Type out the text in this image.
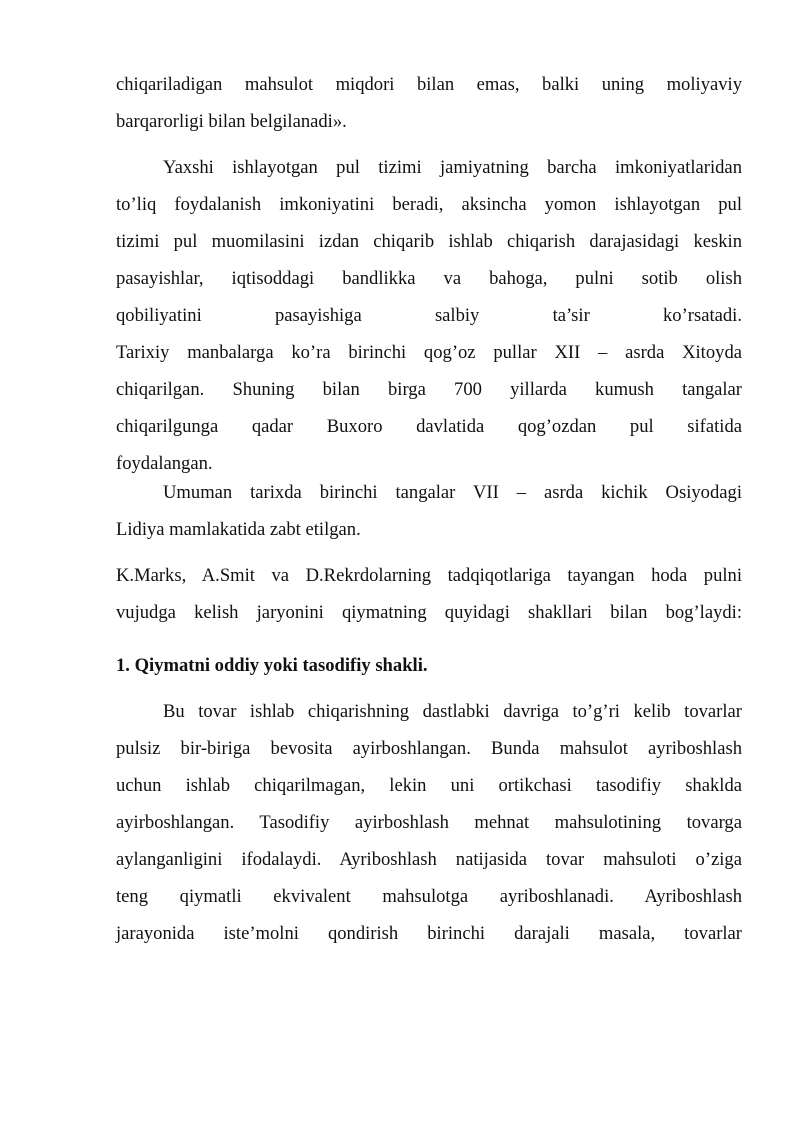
chiqariladigan mahsulot miqdori bilan emas, balki uning moliyaviy
barqarorligi bilan belgilanadi».
Yaxshi ishlayotgan pul tizimi jamiyatning barcha imkoniyatlaridan
to’liq foydalanish imkoniyatini beradi, aksincha yomon ishlayotgan pul
tizimi pul muomilasini izdan chiqarib ishlab chiqarish darajasidagi keskin
pasayishlar, iqtisoddagi bandlikka va bahoga, pulni sotib olish
qobiliyatini pasayishiga salbiy ta’sir ko’rsatadi.
Tarixiy manbalarga ko’ra birinchi qog’oz pullar XII – asrda Xitoyda
chiqarilgan. Shuning bilan birga 700 yillarda kumush tangalar
chiqarilgunga qadar Buxoro davlatida qog’ozdan pul sifatida
foydalangan.
Umuman tarixda birinchi tangalar VII – asrda kichik Osiyodagi
Lidiya mamlakatida zabt etilgan.
K.Marks, A.Smit va D.Rekrdolarning tadqiqotlariga tayangan hoda pulni
vujudga kelish jaryonini qiymatning quyidagi shakllari bilan bog’laydi:
1. Qiymatni oddiy yoki tasodifiy shakli.
Bu tovar ishlab chiqarishning dastlabki davriga to’g’ri kelib tovarlar
pulsiz bir-biriga bevosita ayirboshlangan. Bunda mahsulot ayriboshlash
uchun ishlab chiqarilmagan, lekin uni ortikchasi tasodifiy shaklda
ayirboshlangan. Tasodifiy ayirboshlash mehnat mahsulotining tovarga
aylanganligini ifodalaydi. Ayriboshlash natijasida tovar mahsuloti o’ziga
teng qiymatli ekvivalent mahsulotga ayriboshlanadi. Ayriboshlash
jarayonida iste’molni qondirish birinchi darajali masala, tovarlar
